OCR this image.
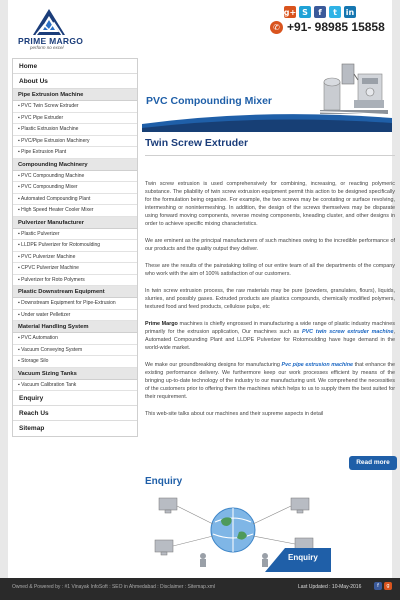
PRIME MARGO
perform no excel
g+ S	f	t	in
✆ +91- 98985 15858
Home
About Us
Pipe Extrusion Machine
▪ PVC Twin Screw Extruder
▪ PVC Pipe Extruder
▪ Plastic Extrusion Machine
▪ PVC/Pipe Extrusion Machinery
▪ Pipe Extrusion Plant
Compounding Machinery
▪ PVC Compounding Machine
▪ PVC Compounding Mixer
▪ Automated Compounding Plant
▪ High Speed Heater Cooler Mixer
Pulverizer Manufacturer
▪ Plastic Pulverizer
▪ LLDPE Pulverizer for Rotomoulding
▪ PVC Pulverizer Machine
▪ CPVC Pulverizer Machine
▪ Pulverizer for Roto Polymers
Plastic Downstream Equipment
▪ Downstream Equipment for Pipe-Extrusion
▪ Under water Pelletizer
Material Handling System
▪ PVC Automation
▪ Vacuum Conveying System
▪ Storage Silo
Vacuum Sizing Tanks
▪ Vacuum Calibration Tank
Enquiry
Reach Us
Sitemap
PVC Compounding Mixer
Twin Screw Extruder

Twin screw extrusion is used comprehensively for combining, increasing, or reacting polymeric substance. The pliability of twin screw extrusion equipment permit this action to be designed specifically for the formulation being organize. For example, the two screws may be corotating or surface revolving, intermeshing or nonintermeshing. In addition, the design of the screws themselves may be disparate using forward moving components, reverse moving components, kneading cluster, and other designs in order to achieve specific mixing characteristics.

We are eminent as the principal manufacturers of such machines owing to the incredible performance of our products and the quality output they deliver.

These are the results of the painstaking toiling of our entire team of all the departments of the company who work with the aim of 100% satisfaction of our customers.

In twin screw extrusion process, the raw materials may be pure (powders, granulates, flours), liquids, slurries, and possibly gases. Extruded products are plastics compounds, chemically modified polymers, textured food and feed products, cellulose pulps, etc

Prime Margo machines is chiefly engrossed in manufacturing a wide range of plastic industry machines primarily for the extrusion application, Our machines such as PVC twin screw extruder machine, Automated Compounding Plant and LLDPE Pulverizer for Rotomoulding have huge demand in the world-wide market.

We make our groundbreaking designs for manufacturing Pvc pipe extrusion machine that enhance the existing performance delivery. We furthermore keep our work processes efficient by means of the bringing up-to-date technology of the industry to our manufacturing unit. We comprehend the necessities of the customers prior to offering them the machines which helps to us to supply them the best suited for their requirement.

This web-site talks about our machines and their supreme aspects in detail

Read more
Enquiry
Enquiry
Owned & Powered by : #1 Vinayak InfoSoft : SEO in Ahmedabad : Disclaimer : Sitemap.xml	Last Updated : 10-May-2016	f	g
